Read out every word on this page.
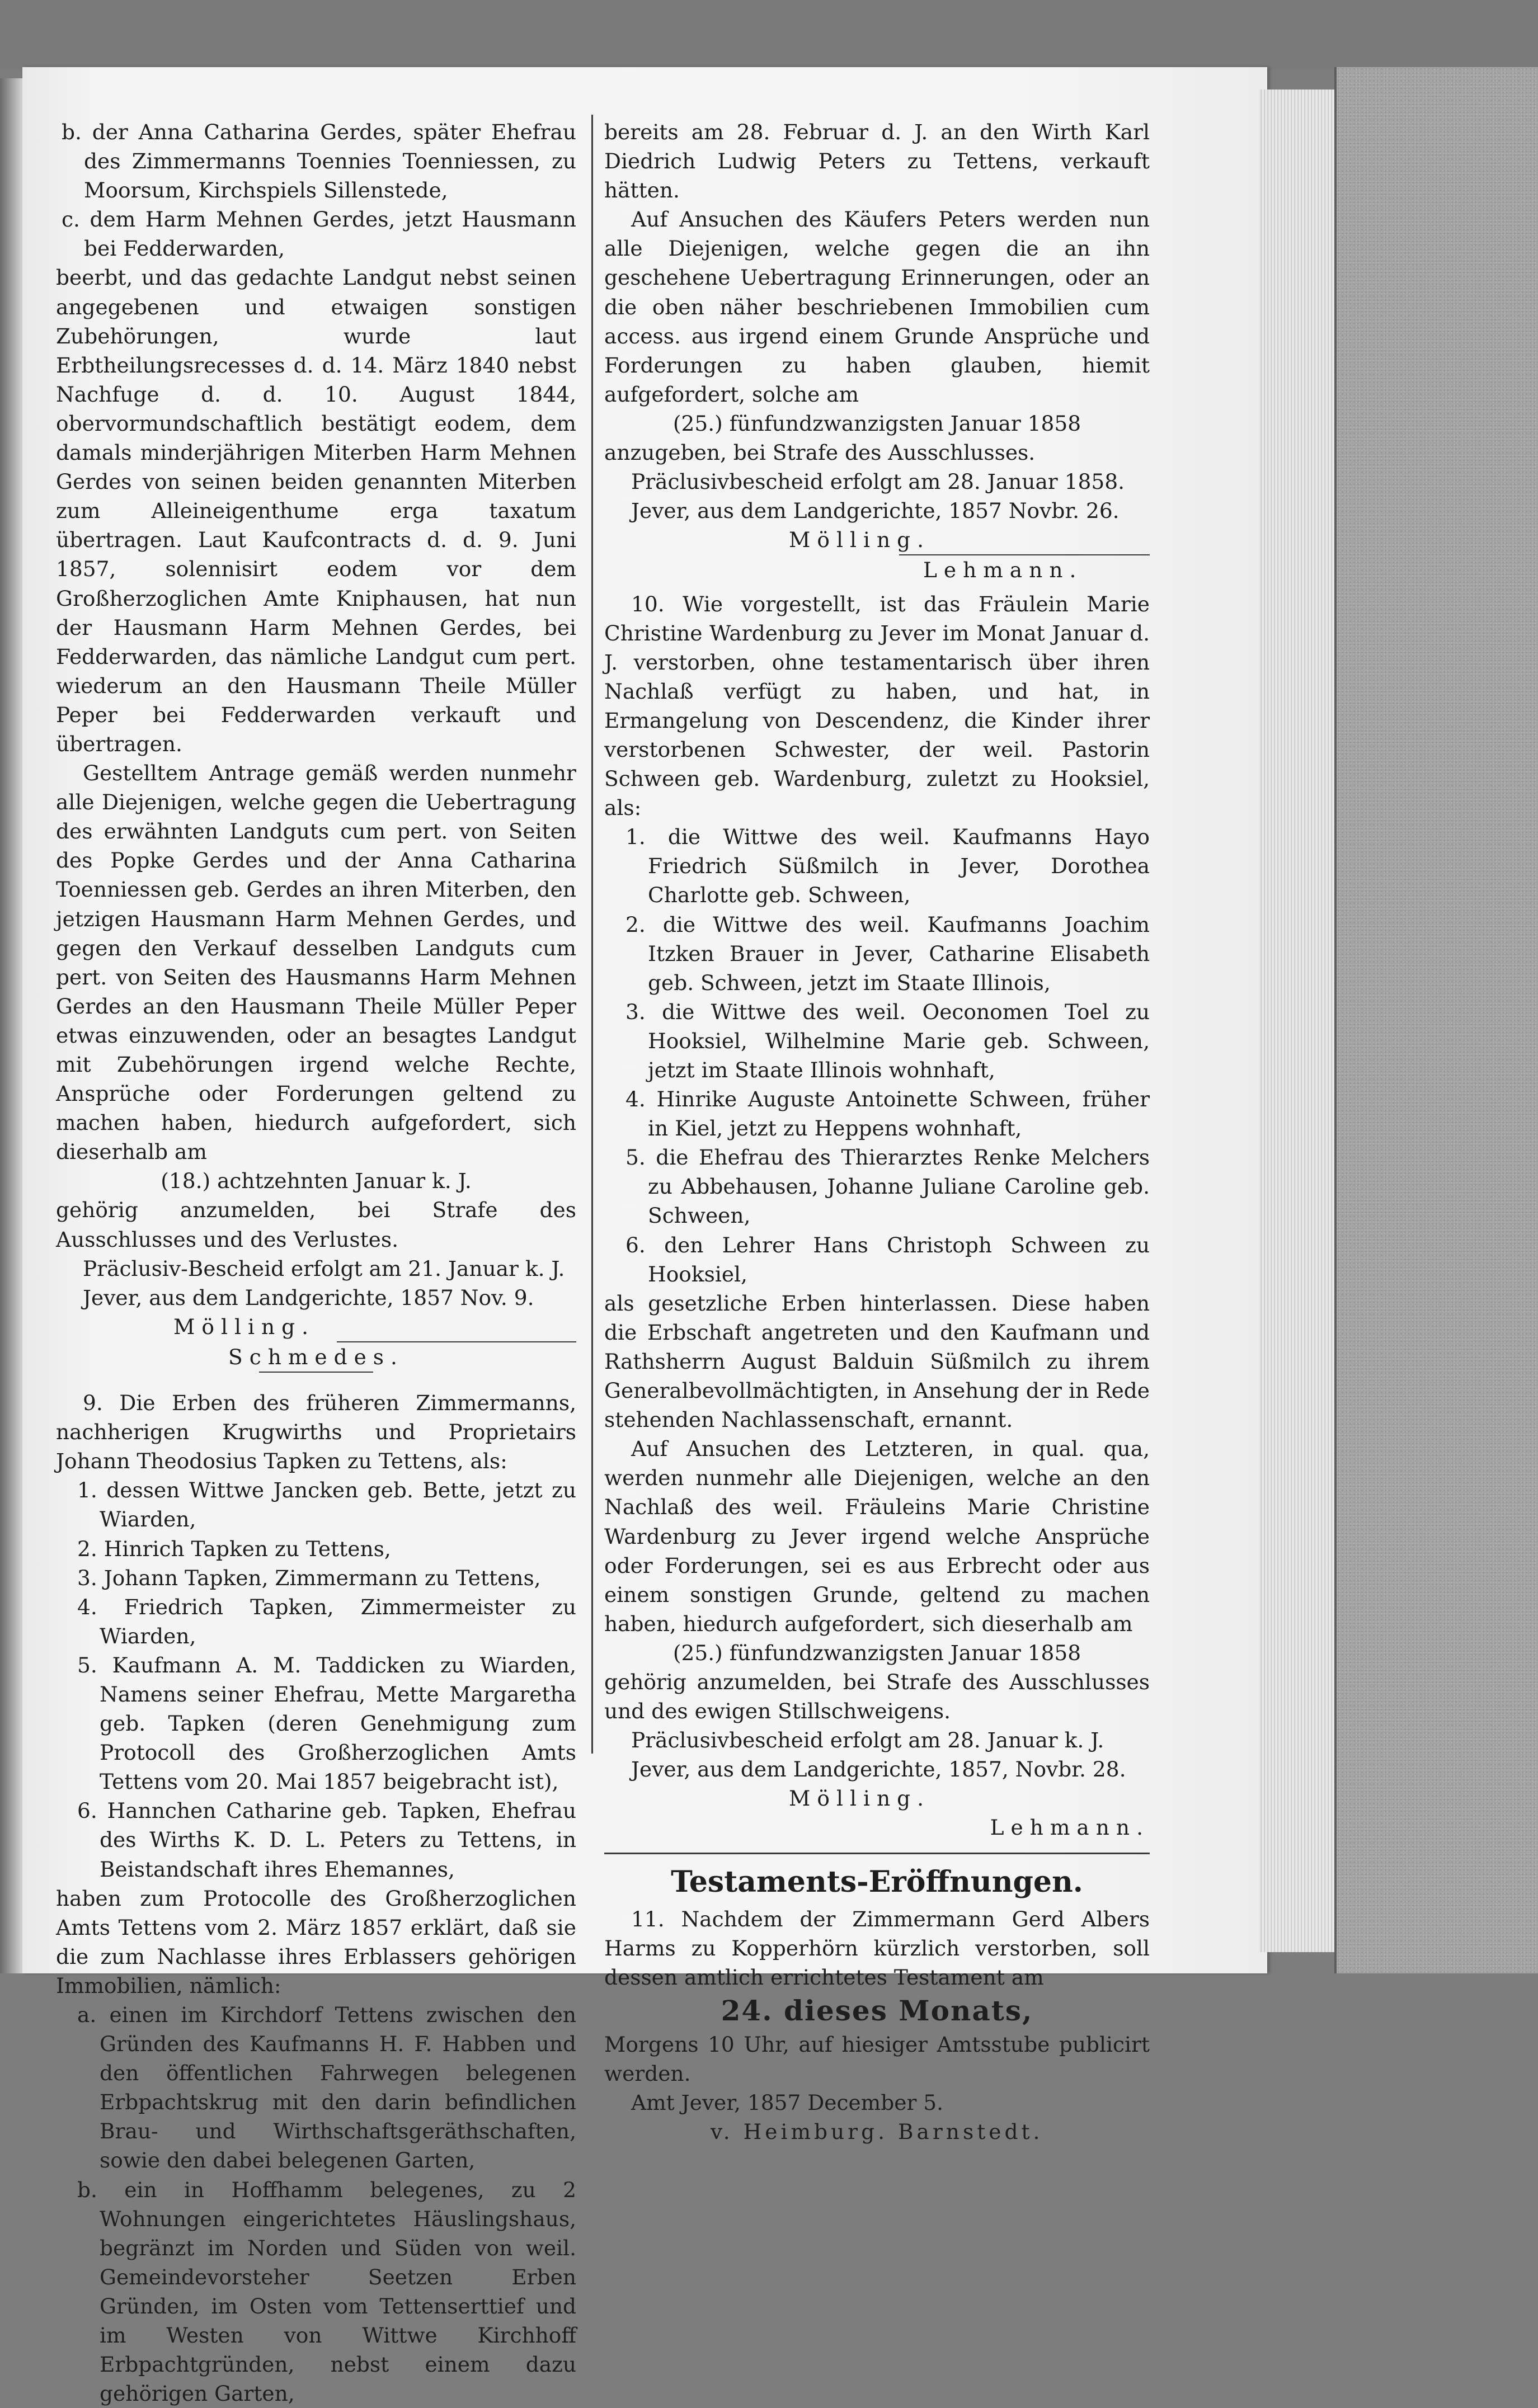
b. der Anna Catharina Gerdes, später Ehefrau des Zimmermanns Toennies Toenniessen, zu Moorsum, Kirchspiels Sillenstede,

c. dem Harm Mehnen Gerdes, jetzt Hausmann bei Fedderwarden,

beerbt, und das gedachte Landgut nebst seinen angegebenen und etwaigen sonstigen Zubehörungen, wurde laut Erbtheilungsrecesses d. d. 14. März 1840 nebst Nachfuge d. d. 10. August 1844, obervormundschaftlich bestätigt eodem, dem damals minderjährigen Miterben Harm Mehnen Gerdes von seinen beiden genannten Miterben zum Alleineigenthume erga taxatum übertragen. Laut Kaufcontracts d. d. 9. Juni 1857, solennisirt eodem vor dem Großherzoglichen Amte Kniphausen, hat nun der Hausmann Harm Mehnen Gerdes, bei Fedderwarden, das nämliche Landgut cum pert. wiederum an den Hausmann Theile Müller Peper bei Fedderwarden verkauft und übertragen.

Gestelltem Antrage gemäß werden nunmehr alle Diejenigen, welche gegen die Uebertragung des erwähnten Landguts cum pert. von Seiten des Popke Gerdes und der Anna Catharina Toenniessen geb. Gerdes an ihren Miterben, den jetzigen Hausmann Harm Mehnen Gerdes, und gegen den Verkauf desselben Landguts cum pert. von Seiten des Hausmanns Harm Mehnen Gerdes an den Hausmann Theile Müller Peper etwas einzuwenden, oder an besagtes Landgut mit Zubehörungen irgend welche Rechte, Ansprüche oder Forderungen geltend zu machen haben, hiedurch aufgefordert, sich dieserhalb am

(18.) achtzehnten Januar k. J.

gehörig anzumelden, bei Strafe des Ausschlusses und des Verlustes.

Präclusiv-Bescheid erfolgt am 21. Januar k. J.

Jever, aus dem Landgerichte, 1857 Nov. 9.

Mölling.

Schmedes.

9. Die Erben des früheren Zimmermanns, nachherigen Krugwirths und Proprietairs Johann Theodosius Tapken zu Tettens, als:

1. dessen Wittwe Jancken geb. Bette, jetzt zu Wiarden,

2. Hinrich Tapken zu Tettens,

3. Johann Tapken, Zimmermann zu Tettens,

4. Friedrich Tapken, Zimmermeister zu Wiarden,

5. Kaufmann A. M. Taddicken zu Wiarden, Namens seiner Ehefrau, Mette Margaretha geb. Tapken (deren Genehmigung zum Protocoll des Großherzoglichen Amts Tettens vom 20. Mai 1857 beigebracht ist),

6. Hannchen Catharine geb. Tapken, Ehefrau des Wirths K. D. L. Peters zu Tettens, in Beistandschaft ihres Ehemannes,

haben zum Protocolle des Großherzoglichen Amts Tettens vom 2. März 1857 erklärt, daß sie die zum Nachlasse ihres Erblassers gehörigen Immobilien, nämlich:

a. einen im Kirchdorf Tettens zwischen den Gründen des Kaufmanns H. F. Habben und den öffentlichen Fahrwegen belegenen Erbpachtskrug mit den darin befindlichen Brau- und Wirthschaftsgeräthschaften, sowie den dabei belegenen Garten,

b. ein in Hoffhamm belegenes, zu 2 Wohnungen eingerichtetes Häuslingshaus, begränzt im Norden und Süden von weil. Gemeindevorsteher Seetzen Erben Gründen, im Osten vom Tettenserttief und im Westen von Wittwe Kirchhoff Erbpachtgründen, nebst einem dazu gehörigen Garten,

bereits am 28. Februar d. J. an den Wirth Karl Diedrich Ludwig Peters zu Tettens, verkauft hätten.

Auf Ansuchen des Käufers Peters werden nun alle Diejenigen, welche gegen die an ihn geschehene Uebertragung Erinnerungen, oder an die oben näher beschriebenen Immobilien cum access. aus irgend einem Grunde Ansprüche und Forderungen zu haben glauben, hiemit aufgefordert, solche am

(25.) fünfundzwanzigsten Januar 1858

anzugeben, bei Strafe des Ausschlusses.

Präclusivbescheid erfolgt am 28. Januar 1858.

Jever, aus dem Landgerichte, 1857 Novbr. 26.

Mölling.

Lehmann.

10. Wie vorgestellt, ist das Fräulein Marie Christine Wardenburg zu Jever im Monat Januar d. J. verstorben, ohne testamentarisch über ihren Nachlaß verfügt zu haben, und hat, in Ermangelung von Descendenz, die Kinder ihrer verstorbenen Schwester, der weil. Pastorin Schween geb. Wardenburg, zuletzt zu Hooksiel, als:

1. die Wittwe des weil. Kaufmanns Hayo Friedrich Süßmilch in Jever, Dorothea Charlotte geb. Schween,

2. die Wittwe des weil. Kaufmanns Joachim Itzken Brauer in Jever, Catharine Elisabeth geb. Schween, jetzt im Staate Illinois,

3. die Wittwe des weil. Oeconomen Toel zu Hooksiel, Wilhelmine Marie geb. Schween, jetzt im Staate Illinois wohnhaft,

4. Hinrike Auguste Antoinette Schween, früher in Kiel, jetzt zu Heppens wohnhaft,

5. die Ehefrau des Thierarztes Renke Melchers zu Abbehausen, Johanne Juliane Caroline geb. Schween,

6. den Lehrer Hans Christoph Schween zu Hooksiel,

als gesetzliche Erben hinterlassen. Diese haben die Erbschaft angetreten und den Kaufmann und Rathsherrn August Balduin Süßmilch zu ihrem Generalbevollmächtigten, in Ansehung der in Rede stehenden Nachlassenschaft, ernannt.

Auf Ansuchen des Letzteren, in qual. qua, werden nunmehr alle Diejenigen, welche an den Nachlaß des weil. Fräuleins Marie Christine Wardenburg zu Jever irgend welche Ansprüche oder Forderungen, sei es aus Erbrecht oder aus einem sonstigen Grunde, geltend zu machen haben, hiedurch aufgefordert, sich dieserhalb am

(25.) fünfundzwanzigsten Januar 1858

gehörig anzumelden, bei Strafe des Ausschlusses und des ewigen Stillschweigens.

Präclusivbescheid erfolgt am 28. Januar k. J.

Jever, aus dem Landgerichte, 1857, Novbr. 28.

Mölling.

Lehmann.

Testaments-Eröffnungen.

11. Nachdem der Zimmermann Gerd Albers Harms zu Kopperhörn kürzlich verstorben, soll dessen amtlich errichtetes Testament am

24. dieses Monats,

Morgens 10 Uhr, auf hiesiger Amtsstube publicirt werden.

Amt Jever, 1857 December 5.

v. Heimburg. Barnstedt.
